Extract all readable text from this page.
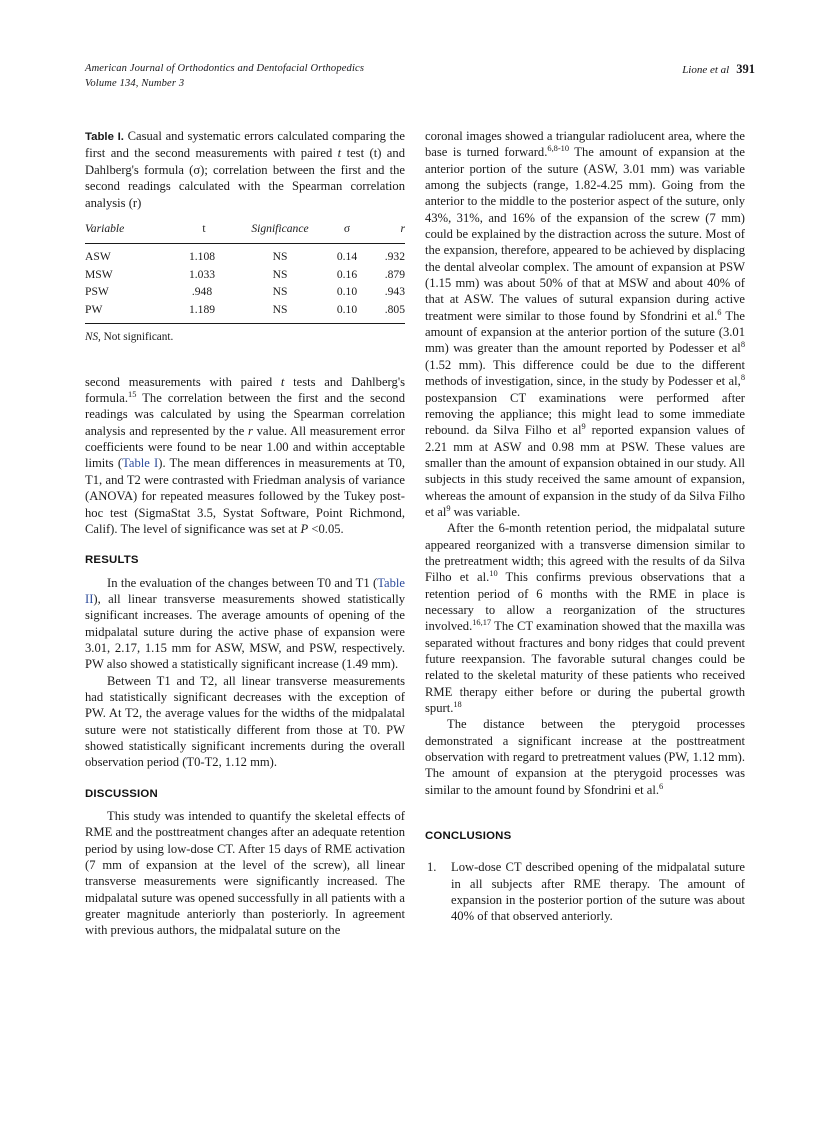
American Journal of Orthodontics and Dentofacial Orthopedics
Volume 134, Number 3
Lione et al 391

Table I. Casual and systematic errors calculated comparing the first and the second measurements with paired t test (t) and Dahlberg's formula (σ); correlation between the first and the second readings calculated with the Spearman correlation analysis (r)

Variable	t	Significance	σ	r
ASW	1.108	NS	0.14	.932
MSW	1.033	NS	0.16	.879
PSW	.948	NS	0.10	.943
PW	1.189	NS	0.10	.805
NS, Not significant.

second measurements with paired t tests and Dahlberg's formula.$^{15}$ The correlation between the first and the second readings was calculated by using the Spearman correlation analysis and represented by the r value. All measurement error coefficients were found to be near 1.00 and within acceptable limits (Table I). The mean differences in measurements at T0, T1, and T2 were contrasted with Friedman analysis of variance (ANOVA) for repeated measures followed by the Tukey post-hoc test (SigmaStat 3.5, Systat Software, Point Richmond, Calif). The level of significance was set at P <0.05.

RESULTS

In the evaluation of the changes between T0 and T1 (Table II), all linear transverse measurements showed statistically significant increases. The average amounts of opening of the midpalatal suture during the active phase of expansion were 3.01, 2.17, 1.15 mm for ASW, MSW, and PSW, respectively. PW also showed a statistically significant increase (1.49 mm).

Between T1 and T2, all linear transverse measurements had statistically significant decreases with the exception of PW. At T2, the average values for the widths of the midpalatal suture were not statistically different from those at T0. PW showed statistically significant increments during the overall observation period (T0-T2, 1.12 mm).

DISCUSSION

This study was intended to quantify the skeletal effects of RME and the posttreatment changes after an adequate retention period by using low-dose CT. After 15 days of RME activation (7 mm of expansion at the level of the screw), all linear transverse measurements were significantly increased. The midpalatal suture was opened successfully in all patients with a greater magnitude anteriorly than posteriorly. In agreement with previous authors, the midpalatal suture on the

coronal images showed a triangular radiolucent area, where the base is turned forward.$^{6,8-10}$ The amount of expansion at the anterior portion of the suture (ASW, 3.01 mm) was variable among the subjects (range, 1.82-4.25 mm). Going from the anterior to the middle to the posterior aspect of the suture, only 43%, 31%, and 16% of the expansion of the screw (7 mm) could be explained by the distraction across the suture. Most of the expansion, therefore, appeared to be achieved by displacing the dental alveolar complex. The amount of expansion at PSW (1.15 mm) was about 50% of that at MSW and about 40% of that at ASW. The values of sutural expansion during active treatment were similar to those found by Sfondrini et al.$^6$ The amount of expansion at the anterior portion of the suture (3.01 mm) was greater than the amount reported by Podesser et $al^8$ (1.52 mm). This difference could be due to the different methods of investigation, since, in the study by Podesser et al,$^8$ postexpansion CT examinations were performed after removing the appliance; this might lead to some immediate rebound. da Silva Filho et $al^9$ reported expansion values of 2.21 mm at ASW and 0.98 mm at PSW. These values are smaller than the amount of expansion obtained in our study. All subjects in this study received the same amount of expansion, whereas the amount of expansion in the study of da Silva Filho et $al^9$ was variable.

After the 6-month retention period, the midpalatal suture appeared reorganized with a transverse dimension similar to the pretreatment width; this agreed with the results of da Silva Filho et al.$^{10}$ This confirms previous observations that a retention period of 6 months with the RME in place is necessary to allow a reorganization of the structures involved.$^{16,17}$ The CT examination showed that the maxilla was separated without fractures and bony ridges that could prevent future reexpansion. The favorable sutural changes could be related to the skeletal maturity of these patients who received RME therapy either before or during the pubertal growth spurt.$^{18}$

The distance between the pterygoid processes demonstrated a significant increase at the posttreatment observation with regard to pretreatment values (PW, 1.12 mm). The amount of expansion at the pterygoid processes was similar to the amount found by Sfondrini et al.$^6$

CONCLUSIONS
1. Low-dose CT described opening of the midpalatal suture in all subjects after RME therapy. The amount of expansion in the posterior portion of the suture was about 40% of that observed anteriorly.
